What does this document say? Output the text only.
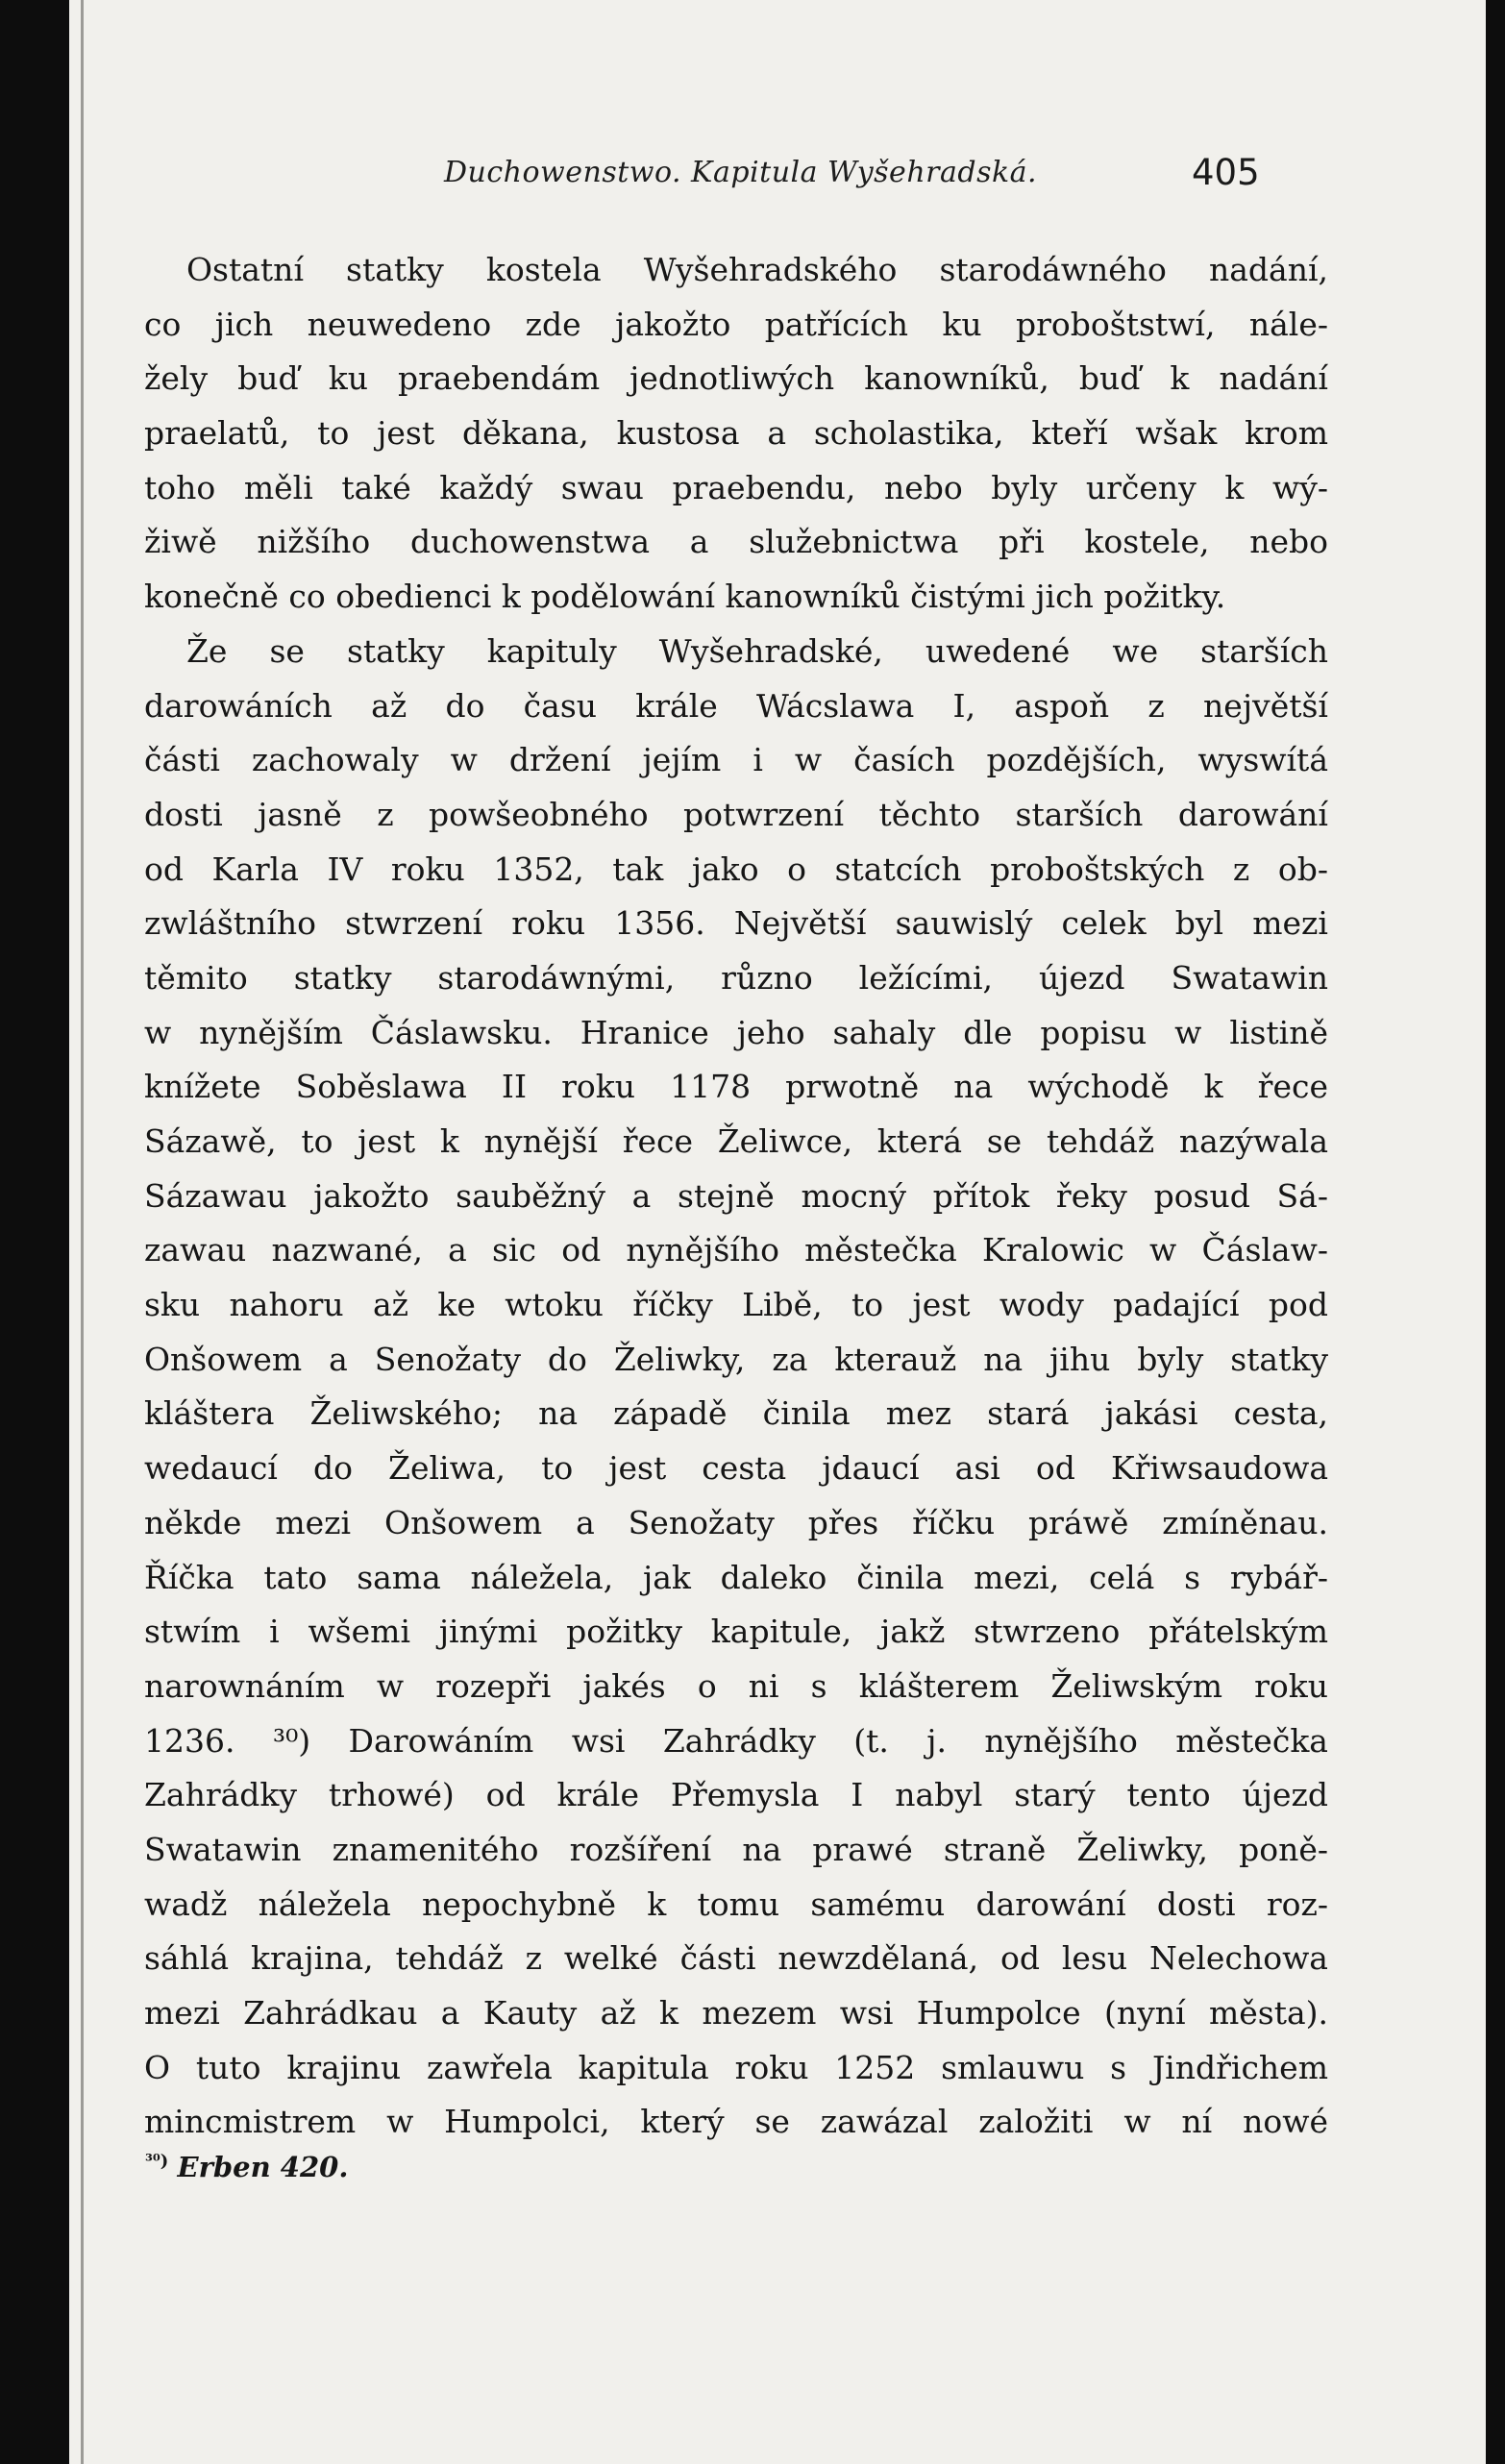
Duchowenstwo. Kapitula Wyšehradská.	405
Ostatní statky kostela Wyšehradského starodáwného nadání,
co jich neuwedeno zde jakožto patřících ku proboštstwí, nále-
žely buď ku praebendám jednotliwých kanowníků, buď k nadání
praelatů, to jest děkana, kustosa a scholastika, kteří wšak krom
toho měli také každý swau praebendu, nebo byly určeny k wý-
žiwě nižšího duchowenstwa a služebnictwa při kostele, nebo
konečně co obedienci k podělowání kanowníků čistými jich požitky.
Že se statky kapituly Wyšehradské, uwedené we starších
darowáních až do času krále Wácslawa I, aspoň z největší
části zachowaly w držení jejím i w časích pozdějších, wyswítá
dosti jasně z powšeobného potwrzení těchto starších darowání
od Karla IV roku 1352, tak jako o statcích proboštských z ob-
zwláštního stwrzení roku 1356. Největší sauwislý celek byl mezi
těmito statky starodáwnými, různo ležícími, újezd Swatawin
w nynějším Čáslawsku. Hranice jeho sahaly dle popisu w listině
knížete Soběslawa II roku 1178 prwotně na wýchodě k řece
Sázawě, to jest k nynější řece Želiwce, která se tehdáž nazýwala
Sázawau jakožto sauběžný a stejně mocný přítok řeky posud Sá-
zawau nazwané, a sic od nynějšího městečka Kralowic w Čáslaw-
sku nahoru až ke wtoku říčky Libě, to jest wody padající pod
Onšowem a Senožaty do Želiwky, za kterauž na jihu byly statky
kláštera Želiwského; na západě činila mez stará jakási cesta,
wedaucí do Želiwa, to jest cesta jdaucí asi od Křiwsaudowa
někde mezi Onšowem a Senožaty přes říčku práwě zmíněnau.
Říčka tato sama náležela, jak daleko činila mezi, celá s rybář-
stwím i wšemi jinými požitky kapitule, jakž stwrzeno přátelským
narownáním w rozepři jakés o ni s klášterem Želiwským roku
1236. ³⁰) Darowáním wsi Zahrádky (t. j. nynějšího městečka
Zahrádky trhowé) od krále Přemysla I nabyl starý tento újezd
Swatawin znamenitého rozšíření na prawé straně Želiwky, poně-
wadž náležela nepochybně k tomu samému darowání dosti roz-
sáhlá krajina, tehdáž z welké části newzdělaná, od lesu Nelechowa
mezi Zahrádkau a Kauty až k mezem wsi Humpolce (nyní města).
O tuto krajinu zawřela kapitula roku 1252 smlauwu s Jindřichem
mincmistrem w Humpolci, který se zawázal založiti w ní nowé
$^{^{30})}$ Erben 420.
